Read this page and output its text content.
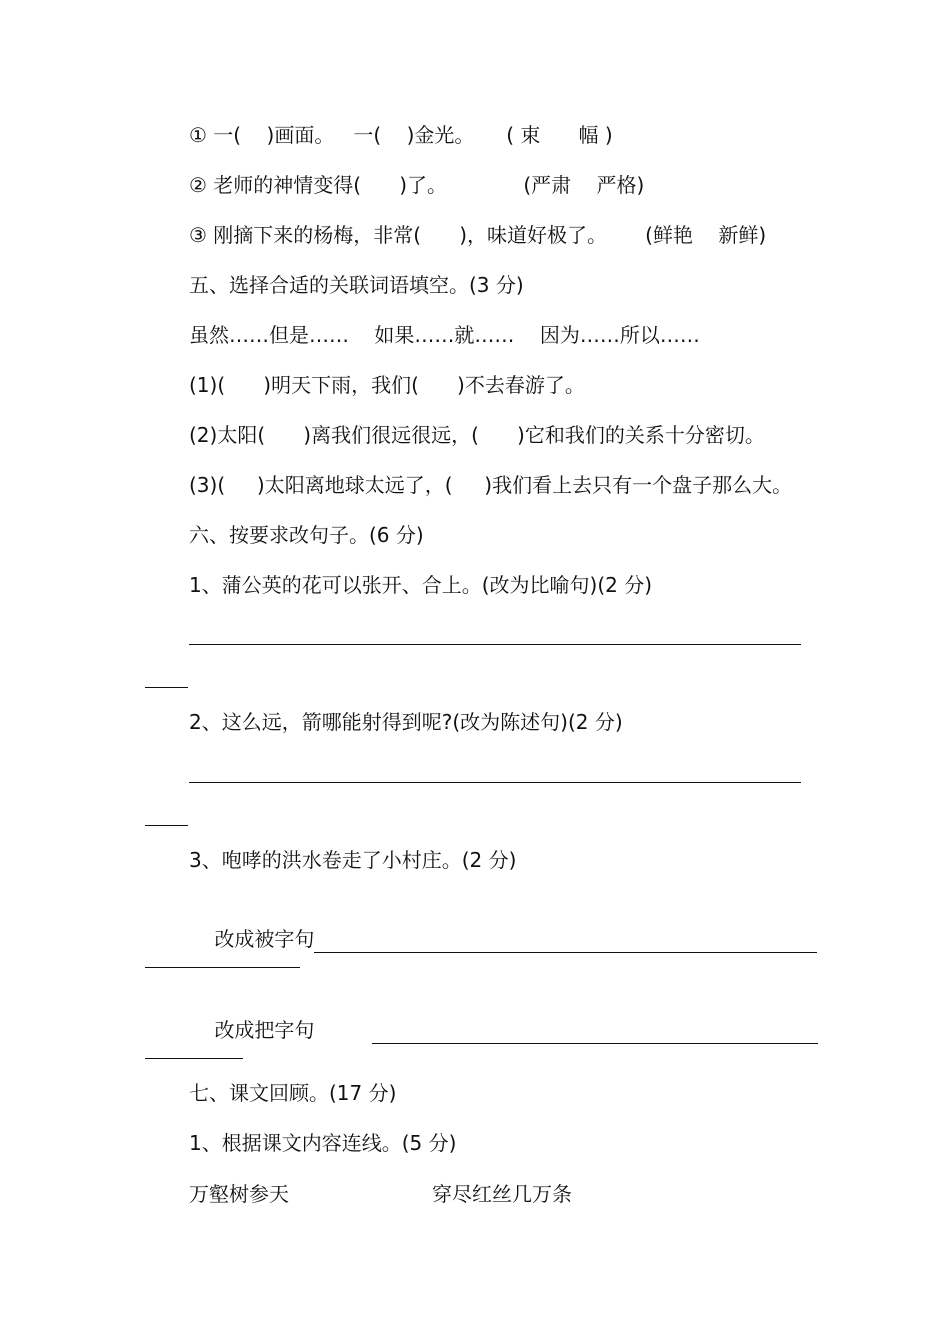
① 一(    )画面。   一(    )金光。     ( 束      幅 )
② 老师的神情变得(      )了。            (严肃    严格)
③ 刚摘下来的杨梅，非常(      )，味道好极了。      (鲜艳    新鲜)
五、选择合适的关联词语填空。(3 分)
虽然……但是……    如果……就……    因为……所以……
(1)(      )明天下雨，我们(      )不去春游了。
(2)太阳(      )离我们很远很远，(      )它和我们的关系十分密切。
(3)(     )太阳离地球太远了，(     )我们看上去只有一个盘子那么大。
六、按要求改句子。(6 分)
1、蒲公英的花可以张开、合上。(改为比喻句)(2 分)
2、这么远，箭哪能射得到呢?(改为陈述句)(2 分)
3、咆哮的洪水卷走了小村庄。(2 分)

改成被字句

改成把字句

七、课文回顾。(17 分)
1、根据课文内容连线。(5 分)
万壑树参天	穿尽红丝几万条
